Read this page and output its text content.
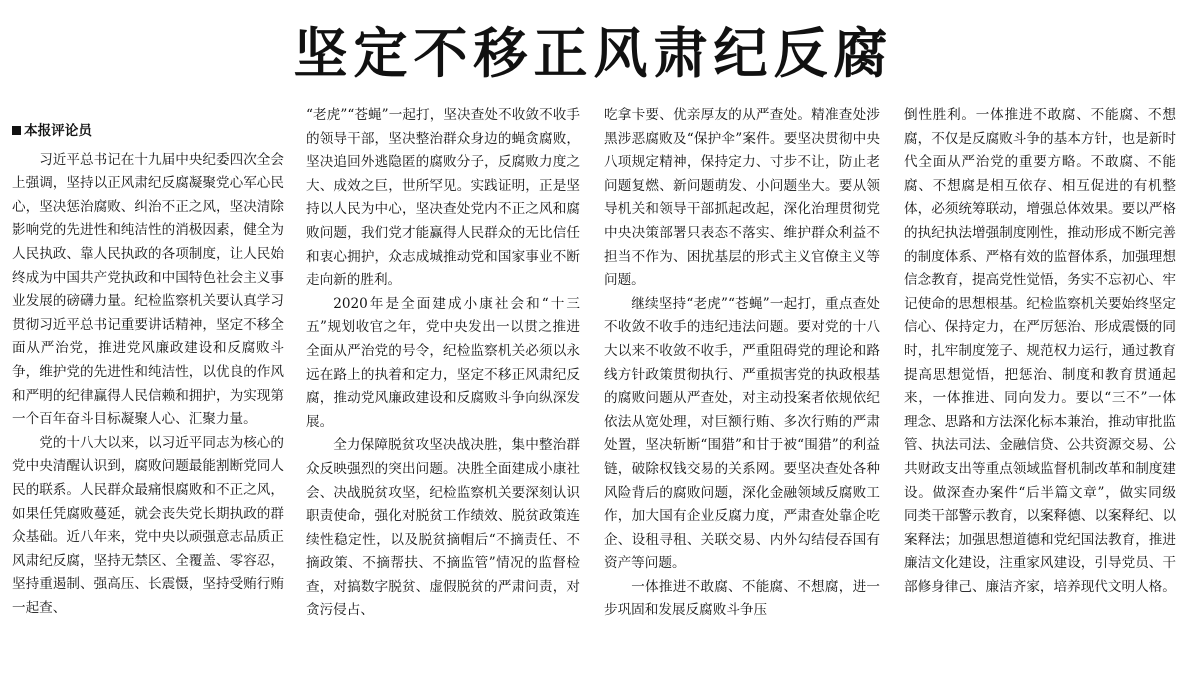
坚定不移正风肃纪反腐
本报评论员

习近平总书记在十九届中央纪委四次全会上强调，坚持以正风肃纪反腐凝聚党心军心民心，坚决惩治腐败、纠治不正之风，坚决清除影响党的先进性和纯洁性的消极因素，健全为人民执政、靠人民执政的各项制度，让人民始终成为中国共产党执政和中国特色社会主义事业发展的磅礴力量。纪检监察机关要认真学习贯彻习近平总书记重要讲话精神，坚定不移全面从严治党，推进党风廉政建设和反腐败斗争，维护党的先进性和纯洁性，以优良的作风和严明的纪律赢得人民信赖和拥护，为实现第一个百年奋斗目标凝聚人心、汇聚力量。

党的十八大以来，以习近平同志为核心的党中央清醒认识到，腐败问题最能割断党同人民的联系。人民群众最痛恨腐败和不正之风，如果任凭腐败蔓延，就会丧失党长期执政的群众基础。近八年来，党中央以顽强意志品质正风肃纪反腐，坚持无禁区、全覆盖、零容忍，坚持重遏制、强高压、长震慑，坚持受贿行贿一起查、

“老虎”“苍蝇”一起打，坚决查处不收敛不收手的领导干部，坚决整治群众身边的蝇贪腐败，坚决追回外逃隐匿的腐败分子，反腐败力度之大、成效之巨，世所罕见。实践证明，正是坚持以人民为中心，坚决查处党内不正之风和腐败问题，我们党才能赢得人民群众的无比信任和衷心拥护，众志成城推动党和国家事业不断走向新的胜利。

2020年是全面建成小康社会和“十三五”规划收官之年，党中央发出一以贯之推进全面从严治党的号令，纪检监察机关必须以永远在路上的执着和定力，坚定不移正风肃纪反腐，推动党风廉政建设和反腐败斗争向纵深发展。

全力保障脱贫攻坚决战决胜，集中整治群众反映强烈的突出问题。决胜全面建成小康社会、决战脱贫攻坚，纪检监察机关要深刻认识职责使命，强化对脱贫工作绩效、脱贫政策连续性稳定性，以及脱贫摘帽后“不摘责任、不摘政策、不摘帮扶、不摘监管”情况的监督检查，对搞数字脱贫、虚假脱贫的严肃问责，对贪污侵占、

吃拿卡要、优亲厚友的从严查处。精准查处涉黑涉恶腐败及“保护伞”案件。要坚决贯彻中央八项规定精神，保持定力、寸步不让，防止老问题复燃、新问题萌发、小问题坐大。要从领导机关和领导干部抓起改起，深化治理贯彻党中央决策部署只表态不落实、维护群众利益不担当不作为、困扰基层的形式主义官僚主义等问题。

继续坚持“老虎”“苍蝇”一起打，重点查处不收敛不收手的违纪违法问题。要对党的十八大以来不收敛不收手，严重阻碍党的理论和路线方针政策贯彻执行、严重损害党的执政根基的腐败问题从严查处，对主动投案者依规依纪依法从宽处理，对巨额行贿、多次行贿的严肃处置，坚决斩断“围猎”和甘于被“围猎”的利益链，破除权钱交易的关系网。要坚决查处各种风险背后的腐败问题，深化金融领域反腐败工作，加大国有企业反腐力度，严肃查处靠企吃企、设租寻租、关联交易、内外勾结侵吞国有资产等问题。

一体推进不敢腐、不能腐、不想腐，进一步巩固和发展反腐败斗争压

倒性胜利。一体推进不敢腐、不能腐、不想腐，不仅是反腐败斗争的基本方针，也是新时代全面从严治党的重要方略。不敢腐、不能腐、不想腐是相互依存、相互促进的有机整体，必须统筹联动，增强总体效果。要以严格的执纪执法增强制度刚性，推动形成不断完善的制度体系、严格有效的监督体系，加强理想信念教育，提高党性觉悟，务实不忘初心、牢记使命的思想根基。纪检监察机关要始终坚定信心、保持定力，在严厉惩治、形成震慑的同时，扎牢制度笼子、规范权力运行，通过教育提高思想觉悟，把惩治、制度和教育贯通起来，一体推进、同向发力。要以“三不”一体理念、思路和方法深化标本兼治，推动审批监管、执法司法、金融信贷、公共资源交易、公共财政支出等重点领域监督机制改革和制度建设。做深查办案件“后半篇文章”，做实同级同类干部警示教育，以案释德、以案释纪、以案释法；加强思想道德和党纪国法教育，推进廉洁文化建设，注重家风建设，引导党员、干部修身律己、廉洁齐家，培养现代文明人格。
